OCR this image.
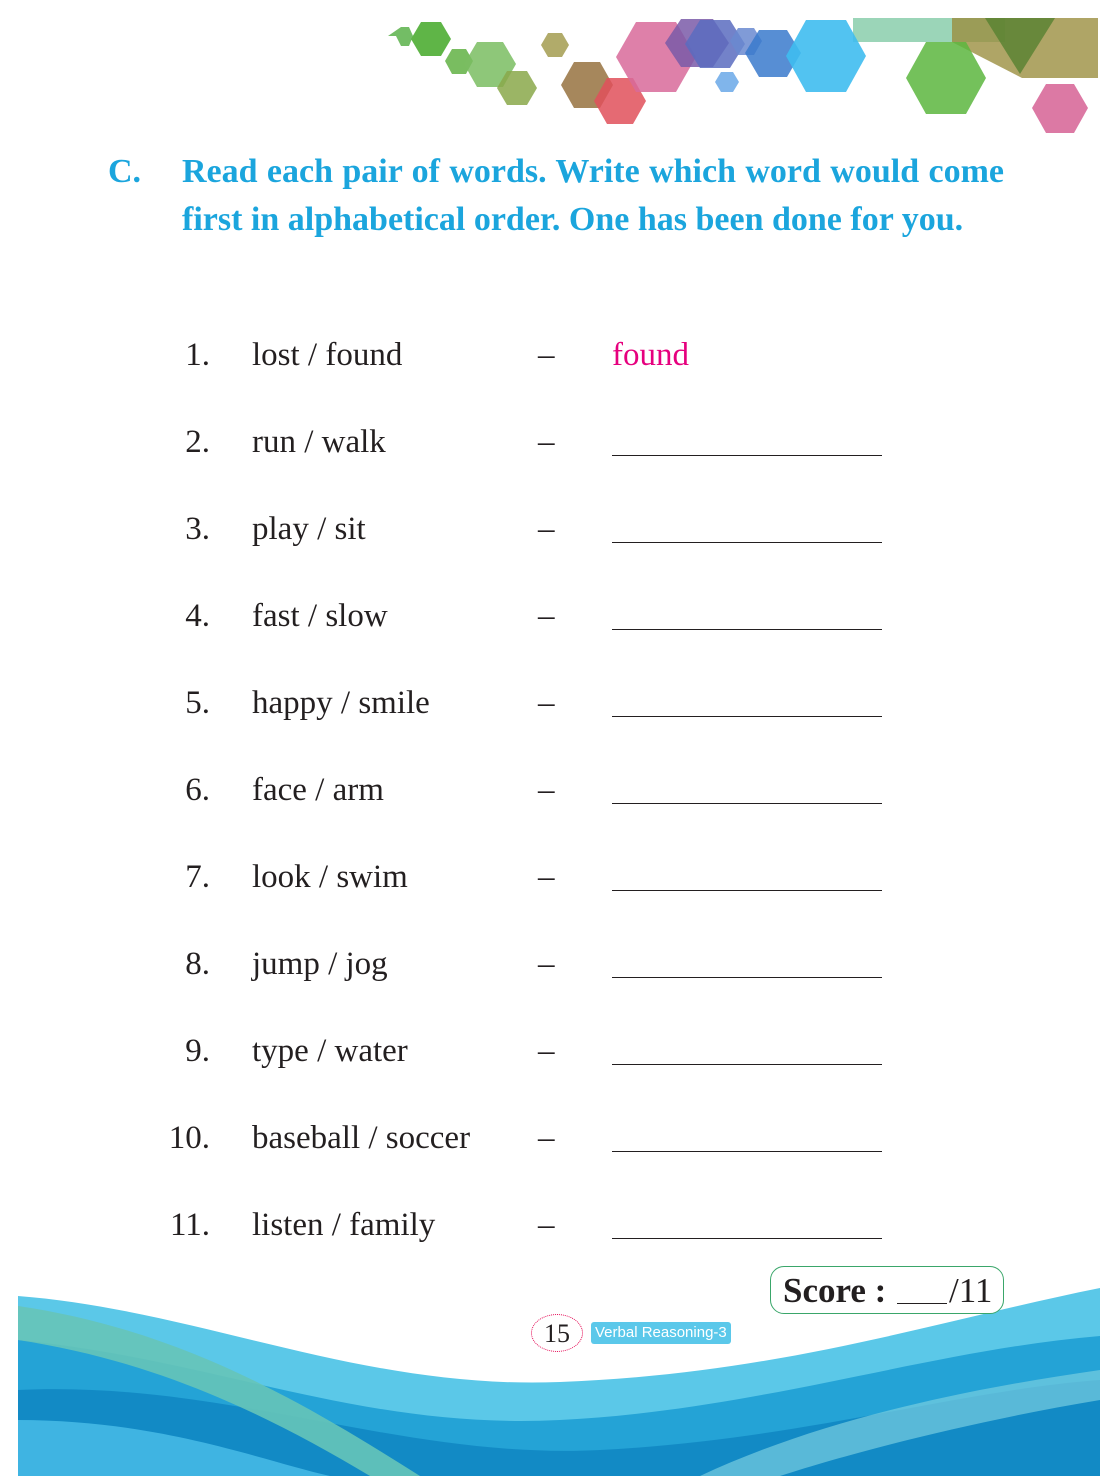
C. Read each pair of words. Write which word would come first in alphabetical order. One has been done for you.
1. lost / found	– found
2. run / walk	–
3. play / sit	–
4. fast / slow	–
5. happy / smile	–
6. face / arm	–
7. look / swim	–
8. jump / jog	–
9. type / water	–
10. baseball / soccer –
11. listen / family	–
Score : /11
15	Verbal Reasoning-3
